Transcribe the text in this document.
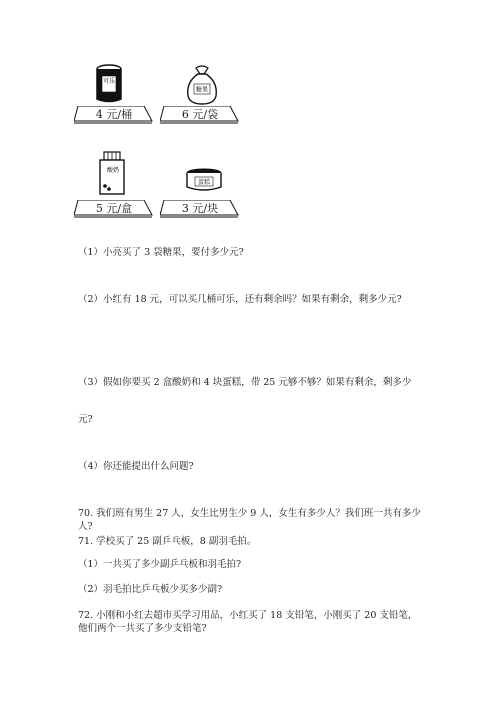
可乐
4 元/桶
糖果
6 元/袋
酸奶
5 元/盒
蛋糕
3 元/块
（1）小亮买了 3 袋糖果，要付多少元?
（2）小红有 18 元，可以买几桶可乐，还有剩余吗？如果有剩余，剩多少元?
（3）假如你要买 2 盒酸奶和 4 块蛋糕，带 25 元够不够？如果有剩余，剩多少
元?
（4）你还能提出什么问题?
70. 我们班有男生 27 人，女生比男生少 9 人，女生有多少人？我们班一共有多少人?
71. 学校买了 25 副乒乓板，8 副羽毛拍。
（1）一共买了多少副乒乓板和羽毛拍?
（2）羽毛拍比乒乓板少买多少副?
72. 小刚和小红去超市买学习用品，小红买了 18 支铅笔，小刚买了 20 支铅笔，他们两个一共买了多少支铅笔?
